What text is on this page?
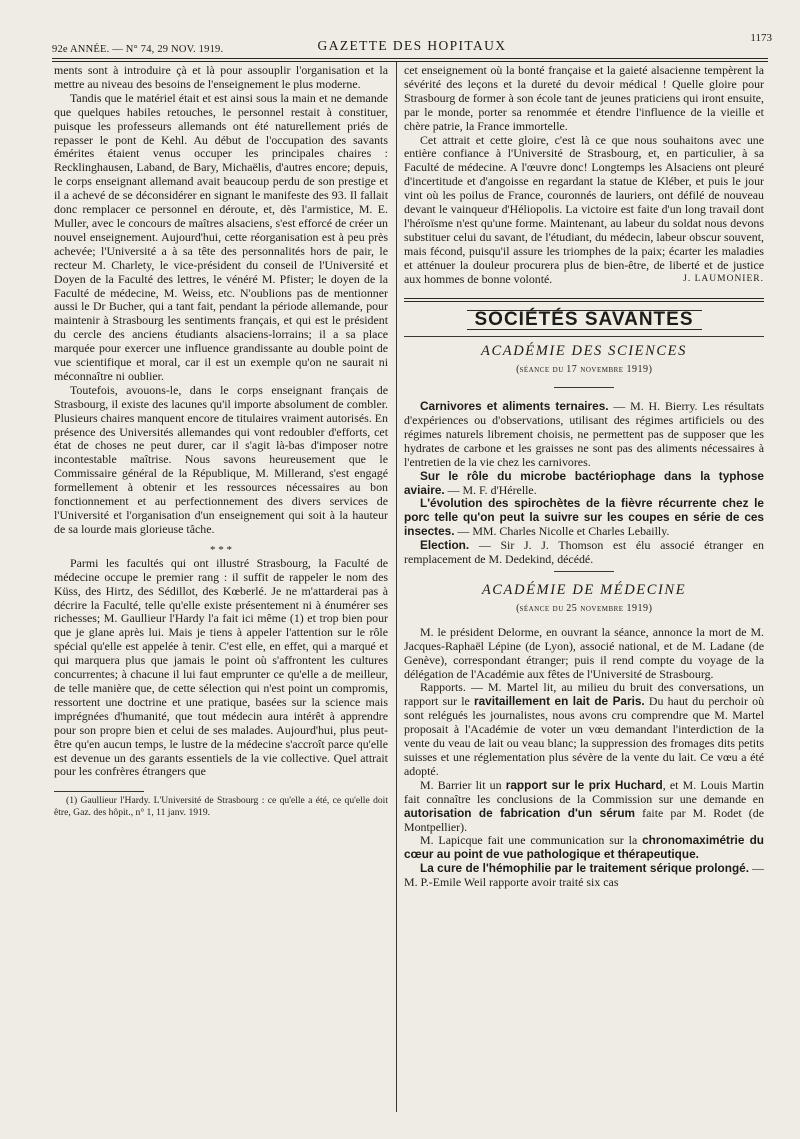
92e ANNÉE. — N° 74, 29 NOV. 1919.	GAZETTE DES HOPITAUX	1173

ments sont à introduire çà et là pour assouplir l'organisation et la mettre au niveau des besoins de l'enseignement le plus moderne.

Tandis que le matériel était et est ainsi sous la main et ne demande que quelques habiles retouches, le personnel restait à constituer, puisque les professeurs allemands ont été naturellement priés de repasser le pont de Kehl. Au début de l'occupation des savants émérites étaient venus occuper les principales chaires : Recklinghausen, Laband, de Bary, Michaëlis, d'autres encore; depuis, le corps enseignant allemand avait beaucoup perdu de son prestige et il a achevé de se déconsidérer en signant le manifeste des 93. Il fallait donc remplacer ce personnel en déroute, et, dès l'armistice, M. E. Muller, avec le concours de maîtres alsaciens, s'est efforcé de créer un nouvel enseignement. Aujourd'hui, cette réorganisation est à peu près achevée; l'Université a à sa tête des personnalités hors de pair, le recteur M. Charlety, le vice-président du conseil de l'Université et Doyen de la Faculté des lettres, le vénéré M. Pfister; le doyen de la Faculté de médecine, M. Weiss, etc. N'oublions pas de mentionner aussi le Dr Bucher, qui a tant fait, pendant la période allemande, pour maintenir à Strasbourg les sentiments français, et qui est le président du cercle des anciens étudiants alsaciens-lorrains; il a sa place marquée pour exercer une influence grandissante au double point de vue scientifique et moral, car il est un exemple qu'on ne saurait ni méconnaître ni oublier.

Toutefois, avouons-le, dans le corps enseignant français de Strasbourg, il existe des lacunes qu'il importe absolument de combler. Plusieurs chaires manquent encore de titulaires vraiment autorisés. En présence des Universités allemandes qui vont redoubler d'efforts, cet état de choses ne peut durer, car il s'agit là-bas d'imposer notre incontestable maîtrise. Nous savons heureusement que le Commissaire général de la République, M. Millerand, s'est engagé formellement à obtenir et les ressources nécessaires au bon fonctionnement et au perfectionnement des divers services de l'Université et l'organisation d'un enseignement qui soit à la hauteur de sa lourde mais glorieuse tâche.

* * *

Parmi les facultés qui ont illustré Strasbourg, la Faculté de médecine occupe le premier rang : il suffit de rappeler le nom des Küss, des Hirtz, des Sédillot, des Kœberlé. Je ne m'attarderai pas à décrire la Faculté, telle qu'elle existe présentement ni à énumérer ses richesses; M. Gaullieur l'Hardy l'a fait ici même (1) et trop bien pour que je glane après lui. Mais je tiens à appeler l'attention sur le rôle spécial qu'elle est appelée à tenir. C'est elle, en effet, qui a marqué et qui marquera plus que jamais le point où s'affrontent les cultures concurrentes; à chacune il lui faut emprunter ce qu'elle a de meilleur, de telle manière que, de cette sélection qui n'est point un compromis, ressortent une doctrine et une pratique, basées sur la science mais imprégnées d'humanité, que tout médecin aura intérêt à apprendre pour son propre bien et celui de ses malades. Aujourd'hui, plus peut-être qu'en aucun temps, le lustre de la médecine s'accroît parce qu'elle est devenue un des garants essentiels de la vie collective. Quel attrait pour les confrères étrangers que

(1) Gaullieur l'Hardy. L'Université de Strasbourg : ce qu'elle a été, ce qu'elle doit être, Gaz. des hôpit., n° 1, 11 janv. 1919.

cet enseignement où la bonté française et la gaieté alsacienne tempèrent la sévérité des leçons et la dureté du devoir médical ! Quelle gloire pour Strasbourg de former à son école tant de jeunes praticiens qui iront ensuite, par le monde, porter sa renommée et étendre l'influence de la vieille et chère patrie, la France immortelle.

Cet attrait et cette gloire, c'est là ce que nous souhaitons avec une entière confiance à l'Université de Strasbourg, et, en particulier, à sa Faculté de médecine. A l'œuvre donc! Longtemps les Alsaciens ont pleuré d'incertitude et d'angoisse en regardant la statue de Kléber, et puis le jour vint où les poilus de France, couronnés de lauriers, ont défilé de nouveau devant le vainqueur d'Héliopolis. La victoire est faite d'un long travail dont l'héroïsme n'est qu'une forme. Maintenant, au labeur du soldat nous devons substituer celui du savant, de l'étudiant, du médecin, labeur obscur souvent, mais fécond, puisqu'il assure les triomphes de la paix; écarter les maladies et atténuer la douleur procurera plus de bien-être, de liberté et de justice aux hommes de bonne volonté.	J. LAUMONIER.
SOCIÉTÉS SAVANTES
ACADÉMIE DES SCIENCES
(séance du 17 novembre 1919)

Carnivores et aliments ternaires. — M. H. Bierry. Les résultats d'expériences ou d'observations, utilisant des régimes artificiels ou des régimes naturels librement choisis, ne permettent pas de supposer que les hydrates de carbone et les graisses ne sont pas des aliments nécessaires à l'entretien de la vie chez les carnivores.

Sur le rôle du microbe bactériophage dans la typhose aviaire. — M. F. d'Hérelle.

L'évolution des spirochètes de la fièvre récurrente chez le porc telle qu'on peut la suivre sur les coupes en série de ces insectes. — MM. Charles Nicolle et Charles Lebailly.

Election. — Sir J. J. Thomson est élu associé étranger en remplacement de M. Dedekind, décédé.

ACADÉMIE DE MÉDECINE
(séance du 25 novembre 1919)

M. le président Delorme, en ouvrant la séance, annonce la mort de M. Jacques-Raphaël Lépine (de Lyon), associé national, et de M. Ladane (de Genève), correspondant étranger; puis il rend compte du voyage de la délégation de l'Académie aux fêtes de l'Université de Strasbourg.

Rapports. — M. Martel lit, au milieu du bruit des conversations, un rapport sur le ravitaillement en lait de Paris. Du haut du perchoir où sont relégués les journalistes, nous avons cru comprendre que M. Martel proposait à l'Académie de voter un vœu demandant l'interdiction de la vente du veau de lait ou veau blanc; la suppression des fromages dits petits suisses et une réglementation plus sévère de la vente du lait. Ce vœu a été adopté.

M. Barrier lit un rapport sur le prix Huchard, et M. Louis Martin fait connaître les conclusions de la Commission sur une demande en autorisation de fabrication d'un sérum faite par M. Rodet (de Montpellier).

M. Lapicque fait une communication sur la chronomaximétrie du cœur au point de vue pathologique et thérapeutique.

La cure de l'hémophilie par le traitement sérique prolongé. — M. P.-Emile Weil rapporte avoir traité six cas
